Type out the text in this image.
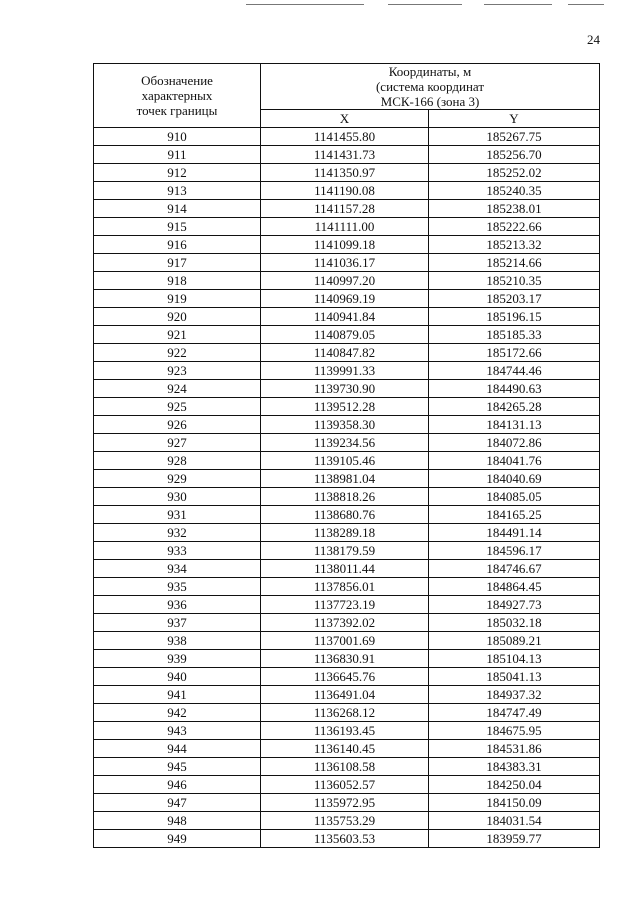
24
Обозначение
характерных
точек границы	Координаты, м
(система координат
МСК-166 (зона 3)	

	X	Y
910	1141455.80	185267.75
911	1141431.73	185256.70
912	1141350.97	185252.02
913	1141190.08	185240.35
914	1141157.28	185238.01
915	1141111.00	185222.66
916	1141099.18	185213.32
917	1141036.17	185214.66
918	1140997.20	185210.35
919	1140969.19	185203.17
920	1140941.84	185196.15
921	1140879.05	185185.33
922	1140847.82	185172.66
923	1139991.33	184744.46
924	1139730.90	184490.63
925	1139512.28	184265.28
926	1139358.30	184131.13
927	1139234.56	184072.86
928	1139105.46	184041.76
929	1138981.04	184040.69
930	1138818.26	184085.05
931	1138680.76	184165.25
932	1138289.18	184491.14
933	1138179.59	184596.17
934	1138011.44	184746.67
935	1137856.01	184864.45
936	1137723.19	184927.73
937	1137392.02	185032.18
938	1137001.69	185089.21
939	1136830.91	185104.13
940	1136645.76	185041.13
941	1136491.04	184937.32
942	1136268.12	184747.49
943	1136193.45	184675.95
944	1136140.45	184531.86
945	1136108.58	184383.31
946	1136052.57	184250.04
947	1135972.95	184150.09
948	1135753.29	184031.54
949	1135603.53	183959.77
